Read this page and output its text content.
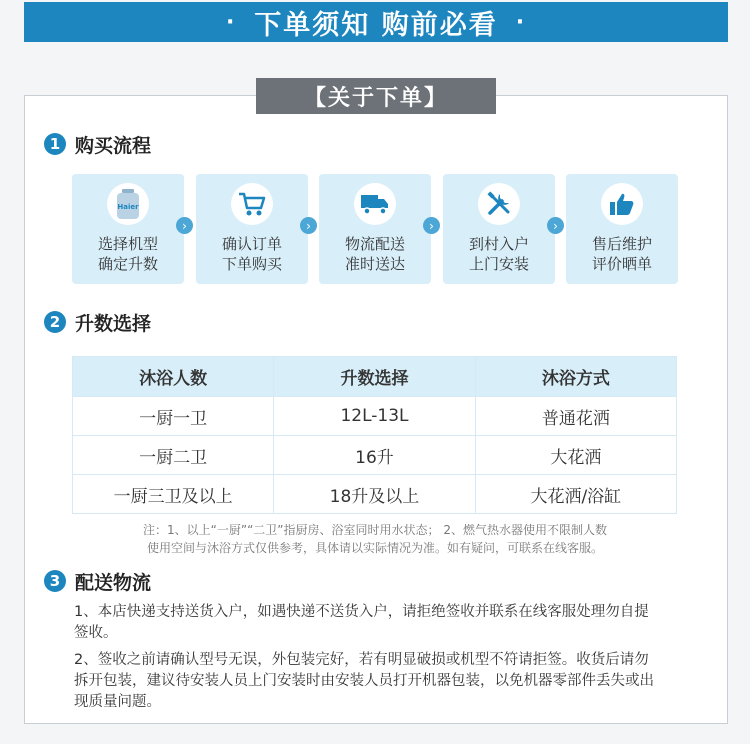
· 下单须知 购前必看 ·
【关于下单】
1 购买流程
Haier
选择机型
确定升数
›
确认订单
下单购买
›
物流配送
准时送达
›
到村入户
上门安装
›
售后维护
评价晒单
2 升数选择
沐浴人数	升数选择	沐浴方式
一厨一卫	12L-13L	普通花洒
一厨二卫	16升	大花洒
一厨三卫及以上	18升及以上	大花洒/浴缸
注：1、以上“一厨”“二卫”指厨房、浴室同时用水状态； 2、燃气热水器使用不限制人数
使用空间与沐浴方式仅供参考，具体请以实际情况为准。如有疑问，可联系在线客服。
3 配送物流
1、本店快递支持送货入户，如遇快递不送货入户，请拒绝签收并联系在线客服处理勿自提签收。
2、签收之前请确认型号无误，外包装完好，若有明显破损或机型不符请拒签。收货后请勿拆开包装，建议待安装人员上门安装时由安装人员打开机器包装，以免机器零部件丢失或出现质量问题。
